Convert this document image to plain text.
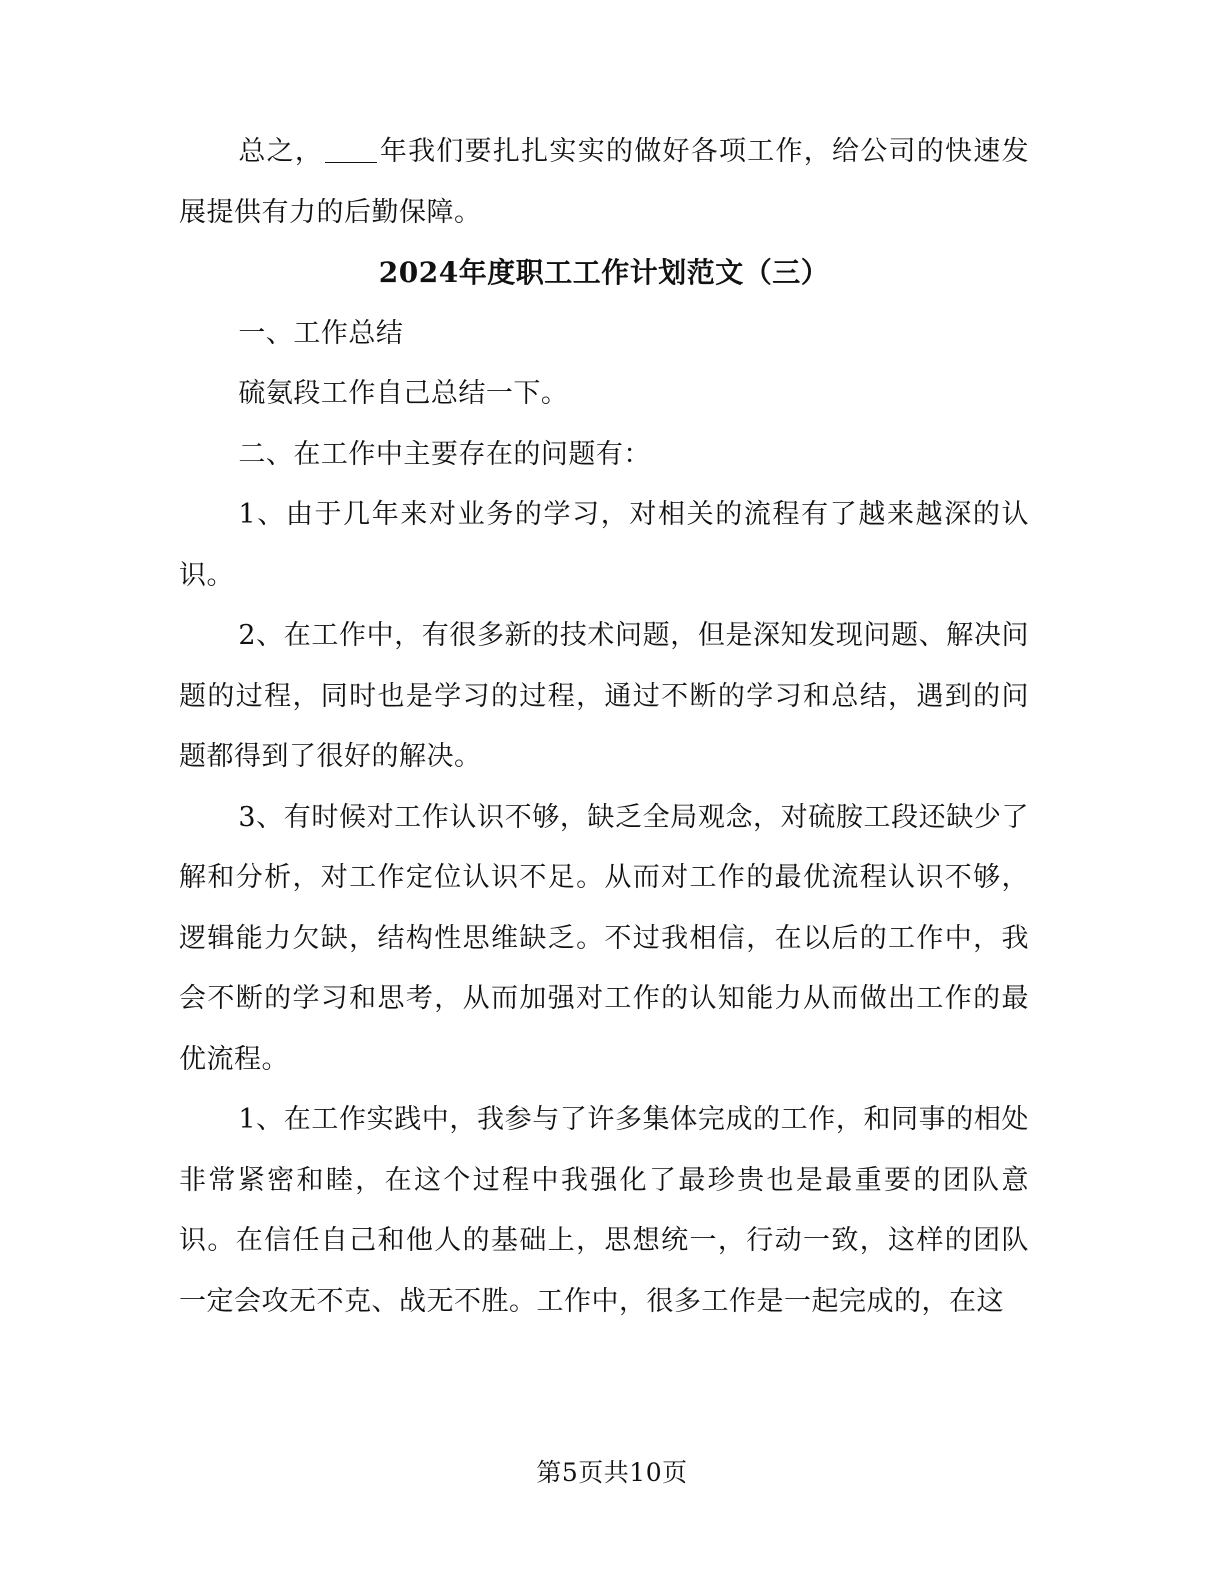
总之， 年我们要扎扎实实的做好各项工作，给公司的快速发展提供有力的后勤保障。

2024年度职工工作计划范文（三）

一、工作总结

硫氨段工作自己总结一下。

二、在工作中主要存在的问题有：

1、由于几年来对业务的学习，对相关的流程有了越来越深的认识。

2、在工作中，有很多新的技术问题，但是深知发现问题、解决问题的过程，同时也是学习的过程，通过不断的学习和总结，遇到的问题都得到了很好的解决。

3、有时候对工作认识不够，缺乏全局观念，对硫胺工段还缺少了解和分析，对工作定位认识不足。从而对工作的最优流程认识不够，逻辑能力欠缺，结构性思维缺乏。不过我相信，在以后的工作中，我会不断的学习和思考，从而加强对工作的认知能力从而做出工作的最优流程。

1、在工作实践中，我参与了许多集体完成的工作，和同事的相处非常紧密和睦，在这个过程中我强化了最珍贵也是最重要的团队意识。在信任自己和他人的基础上，思想统一，行动一致，这样的团队一定会攻无不克、战无不胜。工作中，很多工作是一起完成的，在这

第5页共10页
